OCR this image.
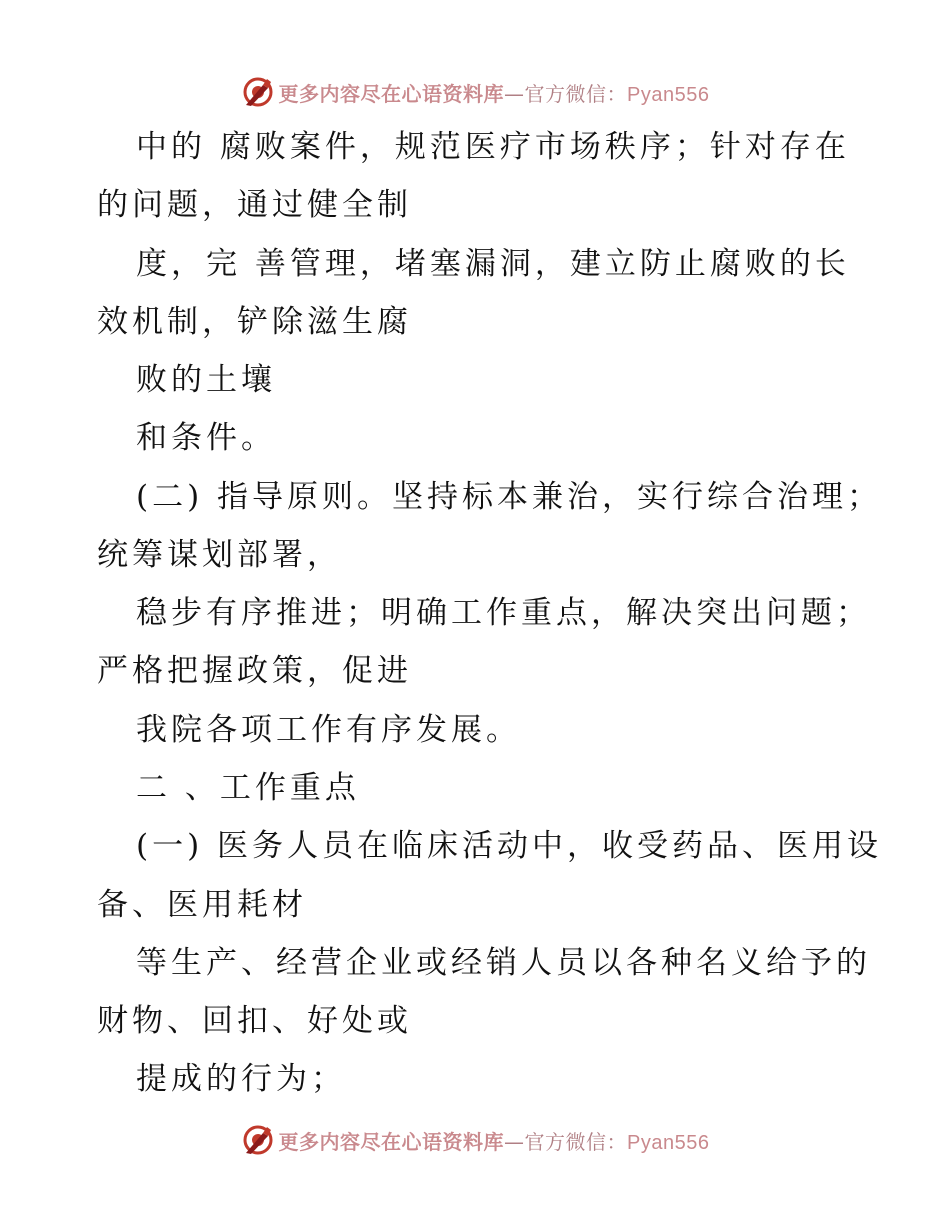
更多内容尽在心语资料库—官方微信：Pyan556
中的 腐败案件，规范医疗市场秩序；针对存在
的问题，通过健全制
度，完 善管理，堵塞漏洞，建立防止腐败的长
效机制，铲除滋生腐
败的土壤
和条件。
(二) 指导原则。坚持标本兼治，实行综合治理；
统筹谋划部署，
稳步有序推进；明确工作重点，解决突出问题；
严格把握政策，促进
我院各项工作有序发展。
二 、工作重点
(一) 医务人员在临床活动中，收受药品、医用设
备、医用耗材
等生产、经营企业或经销人员以各种名义给予的
财物、回扣、好处或
提成的行为；
更多内容尽在心语资料库—官方微信：Pyan556
